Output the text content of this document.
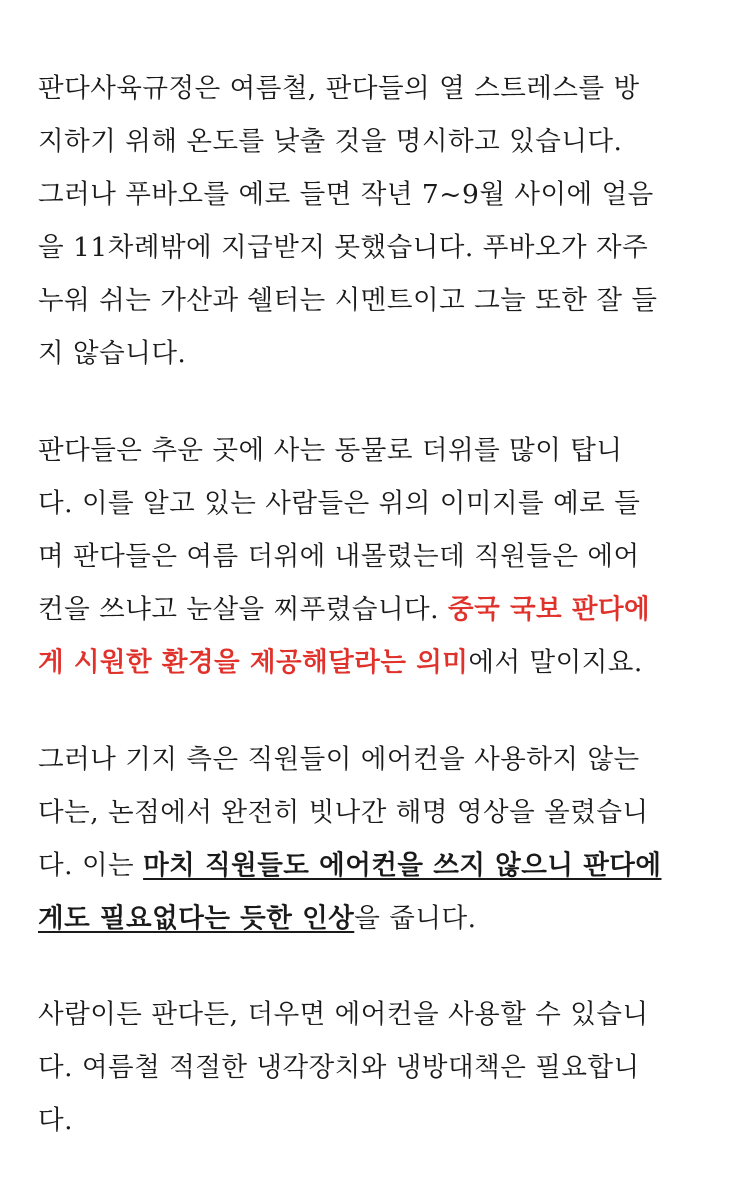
판다사육규정은 여름철, 판다들의 열 스트레스를 방
지하기 위해 온도를 낮출 것을 명시하고 있습니다.
그러나 푸바오를 예로 들면 작년 7~9월 사이에 얼음
을 11차례밖에 지급받지 못했습니다. 푸바오가 자주
누워 쉬는 가산과 쉘터는 시멘트이고 그늘 또한 잘 들
지 않습니다.
판다들은 추운 곳에 사는 동물로 더위를 많이 탑니
다. 이를 알고 있는 사람들은 위의 이미지를 예로 들
며 판다들은 여름 더위에 내몰렸는데 직원들은 에어
컨을 쓰냐고 눈살을 찌푸렸습니다. 중국 국보 판다에
게 시원한 환경을 제공해달라는 의미에서 말이지요.
그러나 기지 측은 직원들이 에어컨을 사용하지 않는
다는, 논점에서 완전히 빗나간 해명 영상을 올렸습니
다. 이는 마치 직원들도 에어컨을 쓰지 않으니 판다에
게도 필요없다는 듯한 인상을 줍니다.
사람이든 판다든, 더우면 에어컨을 사용할 수 있습니
다. 여름철 적절한 냉각장치와 냉방대책은 필요합니
다.
